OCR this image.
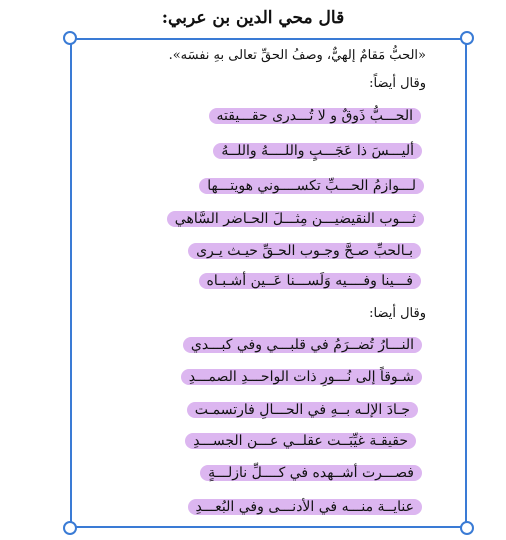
قال محي الدين بن عربي:
«الحبُّ مَقامٌ إلهيٌّ، وصفُ الحقِّ تعالى بهِ نفسَه».
وقال أيضاً:
الحـــبُّ ذَوقٌ و لا تُـــدرى حقـــيقته
أليـــسَ ذا عَجَـــبٍ واللــــهُ واللــهُ
لـــوازمُ الحـــبِّ تكســــوني هويتـــها
ثـــوب النقيضيـــن مِثـــلَ الحـاضر السَّاهي
بـالحبِّ صـحَّ وجـوب الحـقِّ حيـث يـرى
فـــينا وفــــيه وَلَســـنا عَــين أشـبـاه
وقال أيضا:
النـــارُ تُضــرَمُ في قلبـــي وفي كبـــدي
شـوقاً إلى نُـــورِ ذات الواحـــدِ الصمـــدِ
جـادَ الإلـه بــهِ في الحـــالِ فارتسمـت
حقيقـة غيِّبَــت عقلــي عـــن الجســـدِ
فصـــرت أشــهده في كــــلِّ نازلـــةٍ
عنايــة منـــه في الأدنـــى وفي البُعـــدِ
